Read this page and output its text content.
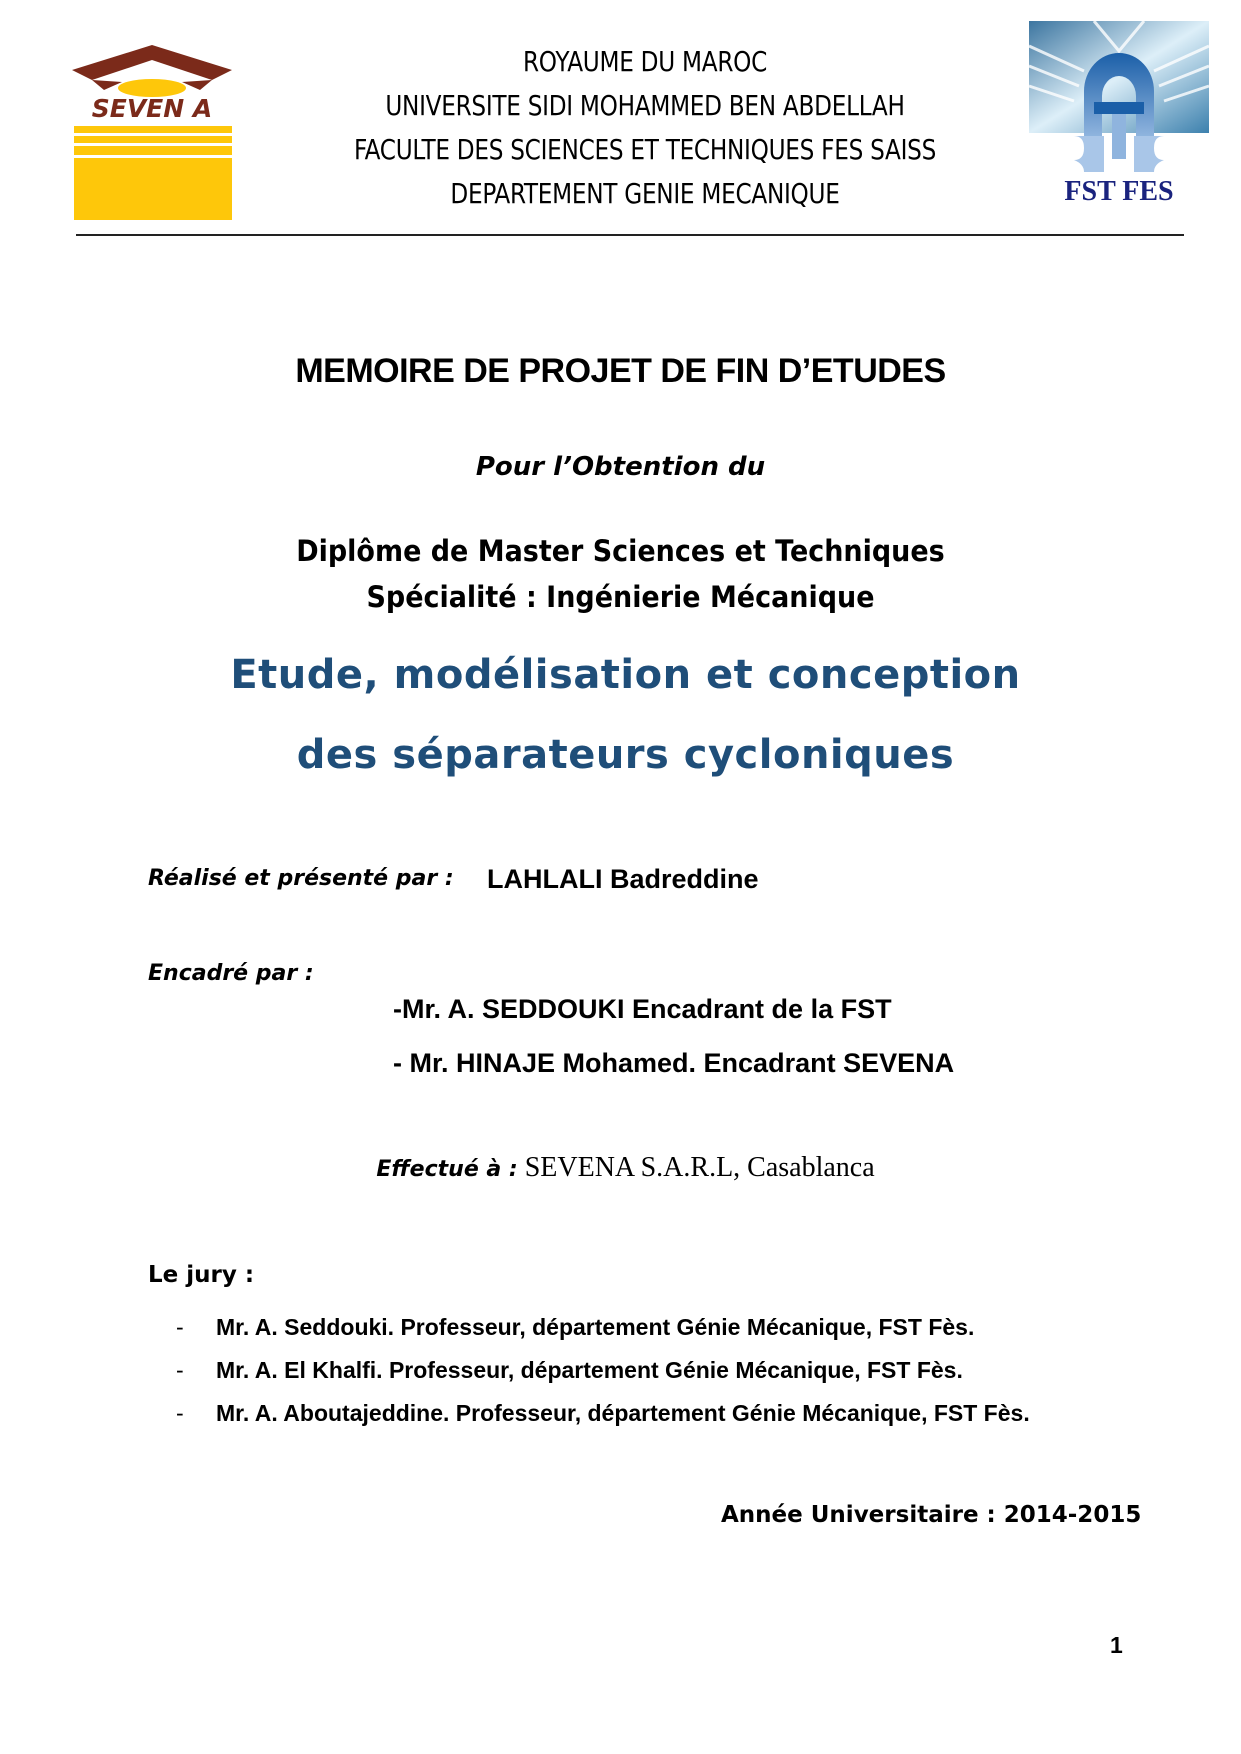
SEVEN A
ROYAUME DU MAROC
UNIVERSITE SIDI MOHAMMED BEN ABDELLAH
FACULTE DES SCIENCES ET TECHNIQUES FES SAISS
DEPARTEMENT GENIE MECANIQUE	FST FES
MEMOIRE DE PROJET DE FIN D’ETUDES
Pour l’Obtention du
Diplôme de Master Sciences et Techniques
Spécialité : Ingénierie Mécanique
Etude, modélisation et conception
des séparateurs cycloniques
Réalisé et présenté par : LAHLALI Badreddine
Encadré par :
-Mr. A. SEDDOUKI Encadrant de la FST
- Mr. HINAJE Mohamed. Encadrant SEVENA
Effectué à : SEVENA S.A.R.L, Casablanca
Le jury :
-	Mr. A. Seddouki. Professeur, département Génie Mécanique, FST Fès.
-	Mr. A. El Khalfi. Professeur, département Génie Mécanique, FST Fès.
-	Mr. A. Aboutajeddine. Professeur, département Génie Mécanique, FST Fès.
Année Universitaire : 2014-2015
1
